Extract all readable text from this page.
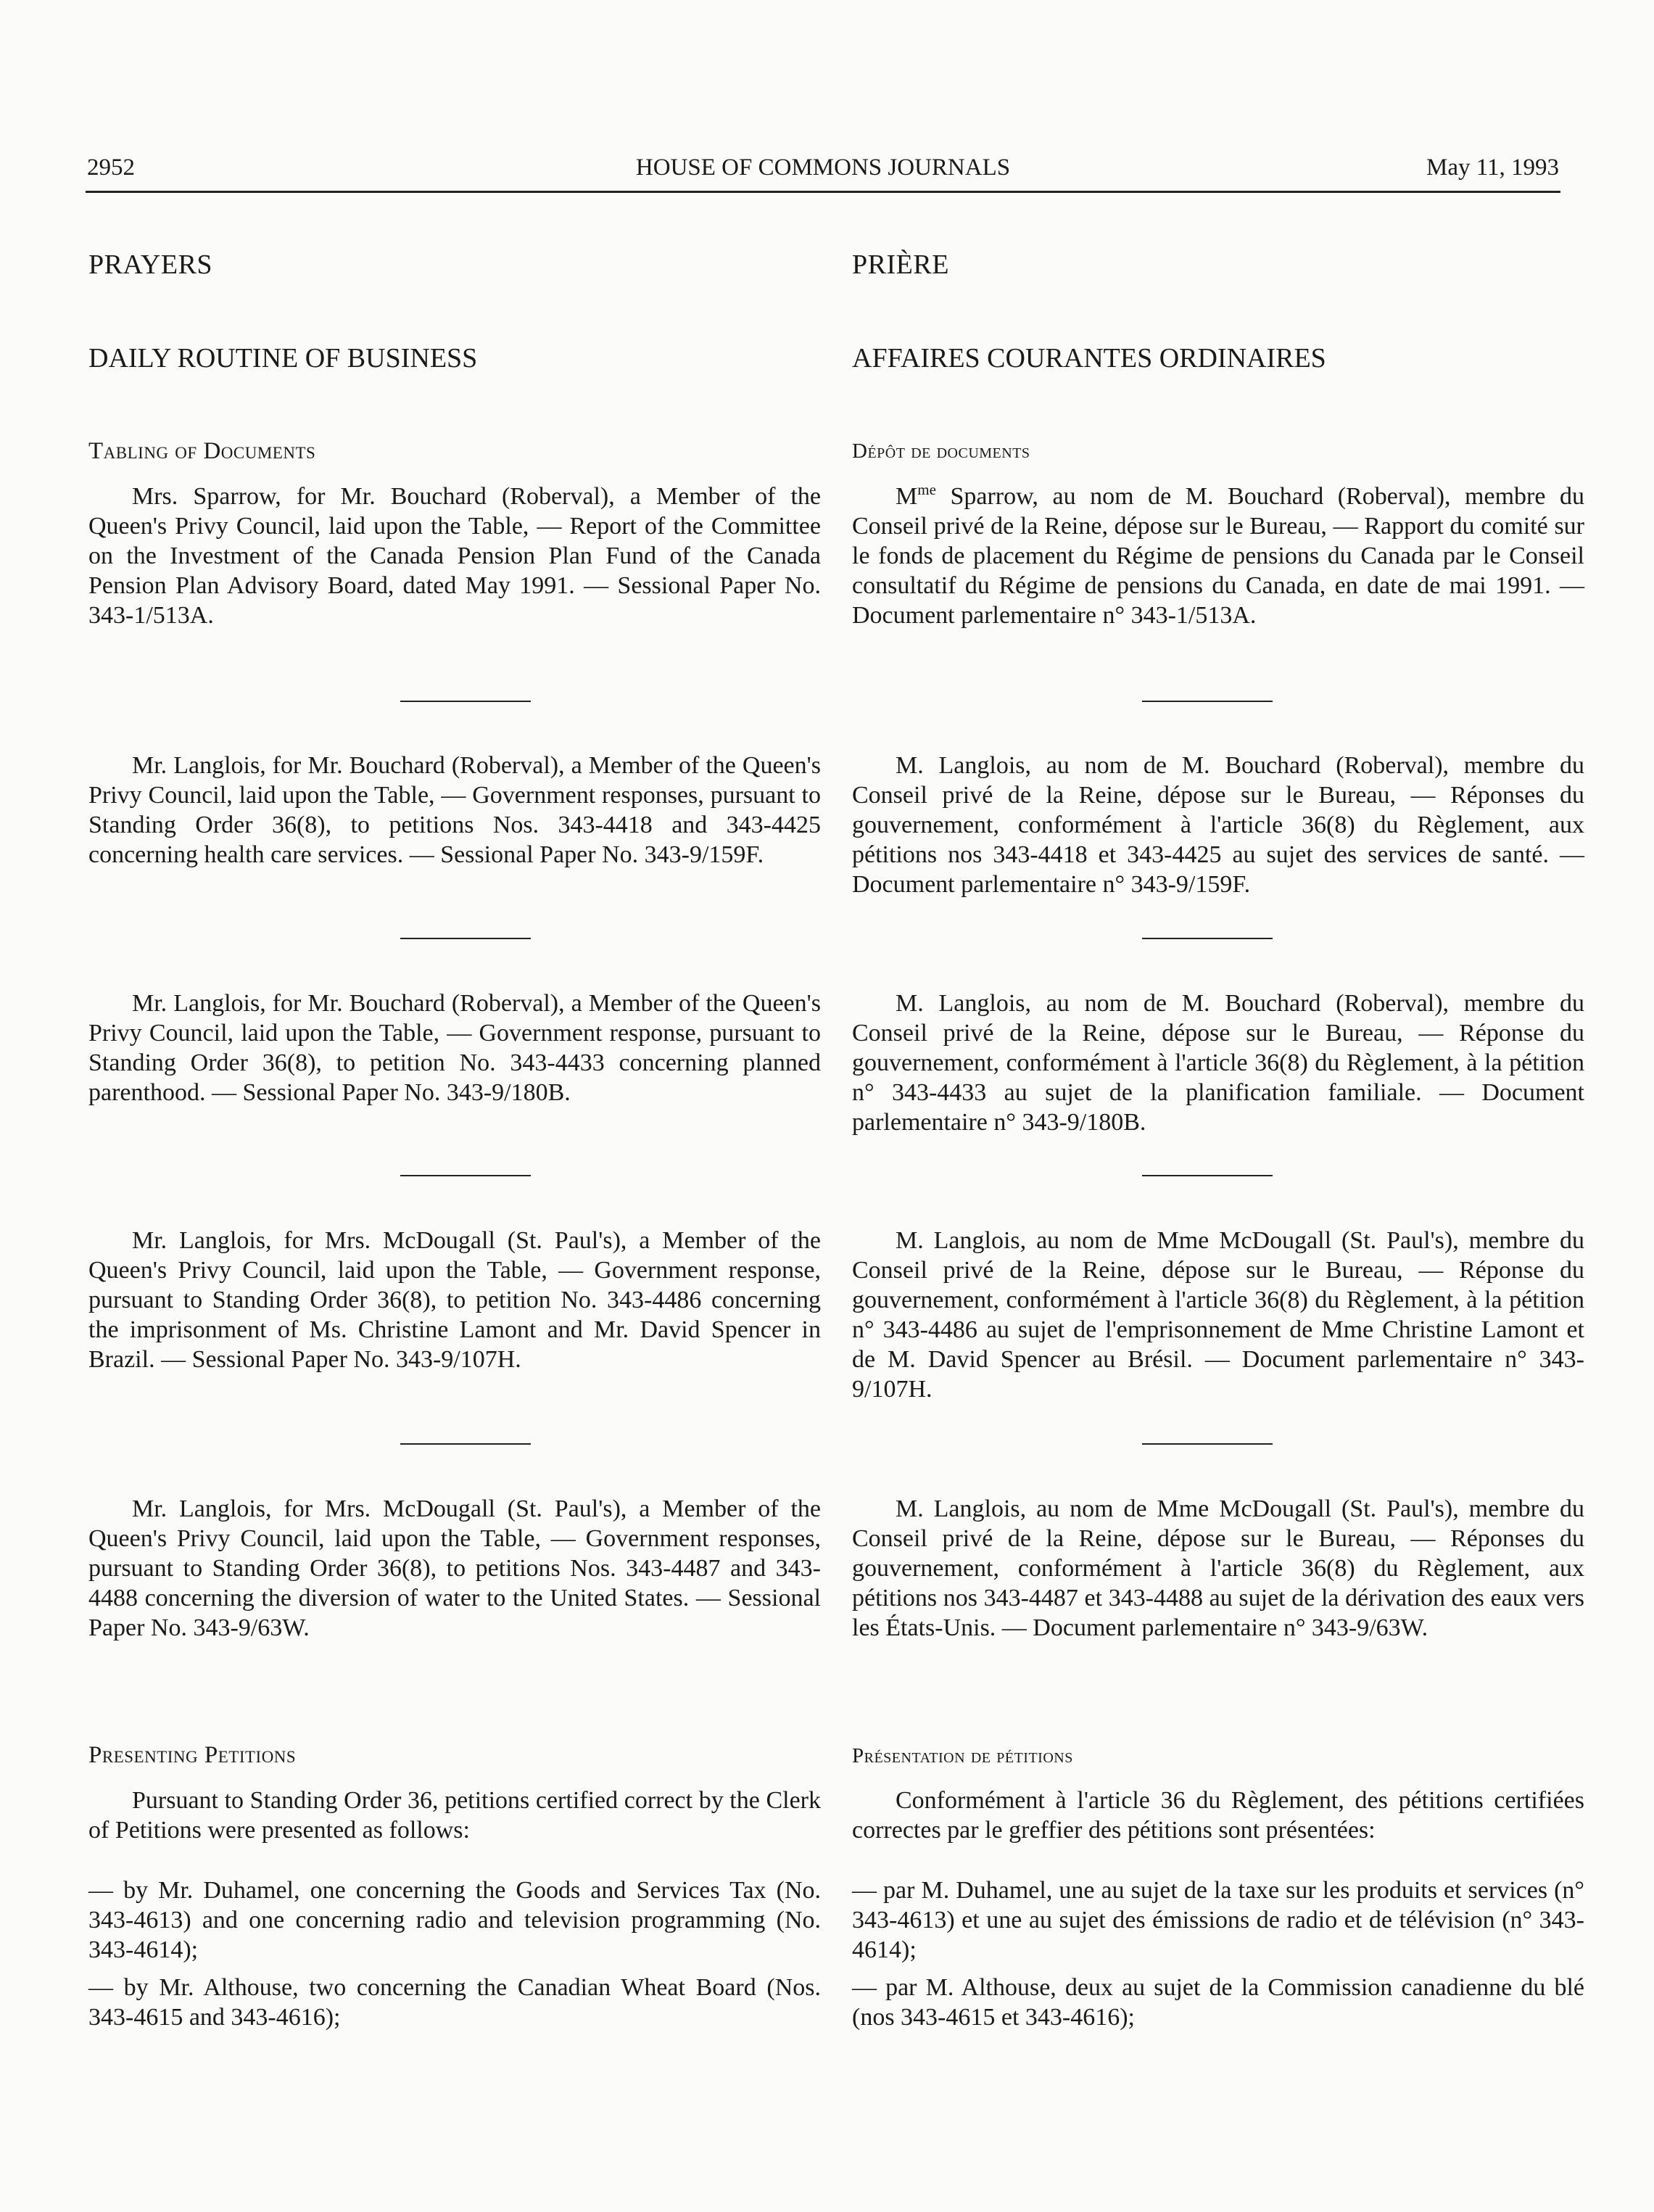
2952	HOUSE OF COMMONS JOURNALS	May 11, 1993
PRAYERS
DAILY ROUTINE OF BUSINESS
Tabling of Documents
Mrs. Sparrow, for Mr. Bouchard (Roberval), a Member of the Queen's Privy Council, laid upon the Table, — Report of the Committee on the Investment of the Canada Pension Plan Fund of the Canada Pension Plan Advisory Board, dated May 1991. — Sessional Paper No. 343-1/513A.
Mr. Langlois, for Mr. Bouchard (Roberval), a Member of the Queen's Privy Council, laid upon the Table, — Government responses, pursuant to Standing Order 36(8), to petitions Nos. 343-4418 and 343-4425 concerning health care services. — Sessional Paper No. 343-9/159F.
Mr. Langlois, for Mr. Bouchard (Roberval), a Member of the Queen's Privy Council, laid upon the Table, — Government response, pursuant to Standing Order 36(8), to petition No. 343-4433 concerning planned parenthood. — Sessional Paper No. 343-9/180B.
Mr. Langlois, for Mrs. McDougall (St. Paul's), a Member of the Queen's Privy Council, laid upon the Table, — Government response, pursuant to Standing Order 36(8), to petition No. 343-4486 concerning the imprisonment of Ms. Christine Lamont and Mr. David Spencer in Brazil. — Sessional Paper No. 343-9/107H.
Mr. Langlois, for Mrs. McDougall (St. Paul's), a Member of the Queen's Privy Council, laid upon the Table, — Government responses, pursuant to Standing Order 36(8), to petitions Nos. 343-4487 and 343-4488 concerning the diversion of water to the United States. — Sessional Paper No. 343-9/63W.
Presenting Petitions
Pursuant to Standing Order 36, petitions certified correct by the Clerk of Petitions were presented as follows:
— by Mr. Duhamel, one concerning the Goods and Services Tax (No. 343-4613) and one concerning radio and television programming (No. 343-4614);
— by Mr. Althouse, two concerning the Canadian Wheat Board (Nos. 343-4615 and 343-4616);
PRIÈRE
AFFAIRES COURANTES ORDINAIRES
Dépôt de documents
$M^{me}$ Sparrow, au nom de M. Bouchard (Roberval), membre du Conseil privé de la Reine, dépose sur le Bureau, — Rapport du comité sur le fonds de placement du Régime de pensions du Canada par le Conseil consultatif du Régime de pensions du Canada, en date de mai 1991. — Document parlementaire n° 343-1/513A.
M. Langlois, au nom de M. Bouchard (Roberval), membre du Conseil privé de la Reine, dépose sur le Bureau, — Réponses du gouvernement, conformément à l'article 36(8) du Règlement, aux pétitions nos 343-4418 et 343-4425 au sujet des services de santé. — Document parlementaire n° 343-9/159F.
M. Langlois, au nom de M. Bouchard (Roberval), membre du Conseil privé de la Reine, dépose sur le Bureau, — Réponse du gouvernement, conformément à l'article 36(8) du Règlement, à la pétition n° 343-4433 au sujet de la planification familiale. — Document parlementaire n° 343-9/180B.
M. Langlois, au nom de Mme McDougall (St. Paul's), membre du Conseil privé de la Reine, dépose sur le Bureau, — Réponse du gouvernement, conformément à l'article 36(8) du Règlement, à la pétition n° 343-4486 au sujet de l'emprisonnement de Mme Christine Lamont et de M. David Spencer au Brésil. — Document parlementaire n° 343-9/107H.
M. Langlois, au nom de Mme McDougall (St. Paul's), membre du Conseil privé de la Reine, dépose sur le Bureau, — Réponses du gouvernement, conformément à l'article 36(8) du Règlement, aux pétitions nos 343-4487 et 343-4488 au sujet de la dérivation des eaux vers les États-Unis. — Document parlementaire n° 343-9/63W.
Présentation de pétitions
Conformément à l'article 36 du Règlement, des pétitions certifiées correctes par le greffier des pétitions sont présentées:
— par M. Duhamel, une au sujet de la taxe sur les produits et services (n° 343-4613) et une au sujet des émissions de radio et de télévision (n° 343-4614);
— par M. Althouse, deux au sujet de la Commission canadienne du blé (nos 343-4615 et 343-4616);
